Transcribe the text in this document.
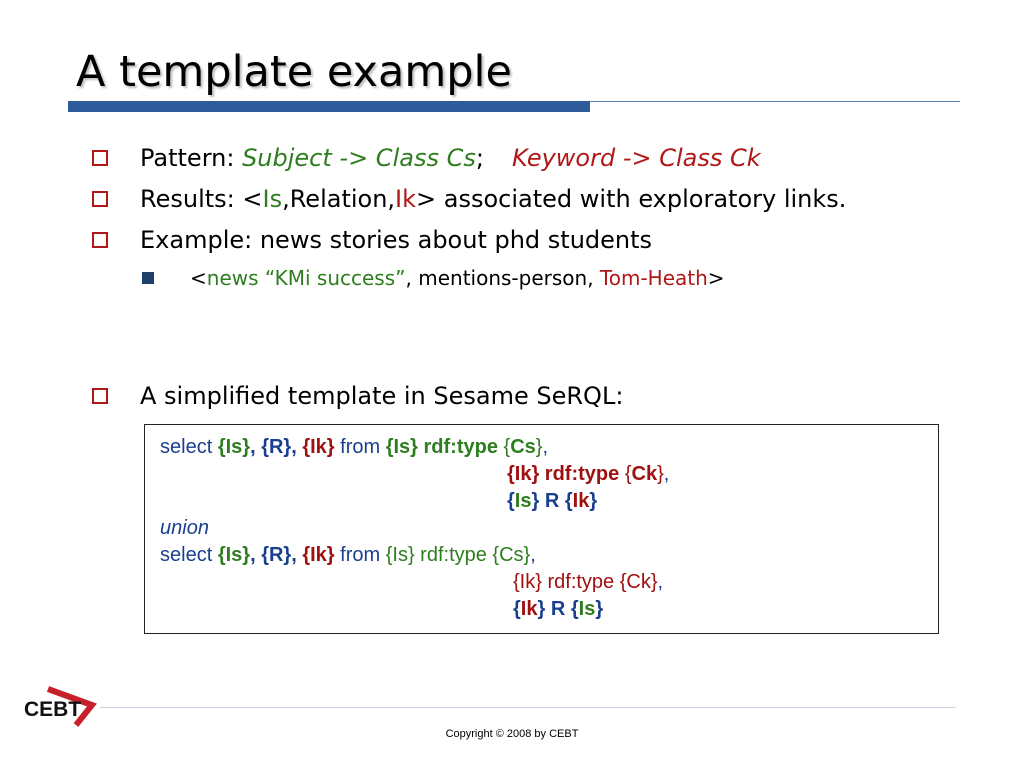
A template example
Pattern: Subject -> Class Cs; Keyword -> Class Ck
Results: <Is,Relation,Ik> associated with exploratory links.
Example: news stories about phd students
<news “KMi success”, mentions-person, Tom-Heath>
A simplified template in Sesame SeRQL:
select {Is}, {R}, {Ik} from {Is} rdf:type {Cs},
{Ik} rdf:type {Ck},
{Is} R {Ik}
union
select {Is}, {R}, {Ik} from {Is} rdf:type {Cs},
{Ik} rdf:type {Ck},
{Ik} R {Is}
CEBT
Copyright © 2008 by CEBT
